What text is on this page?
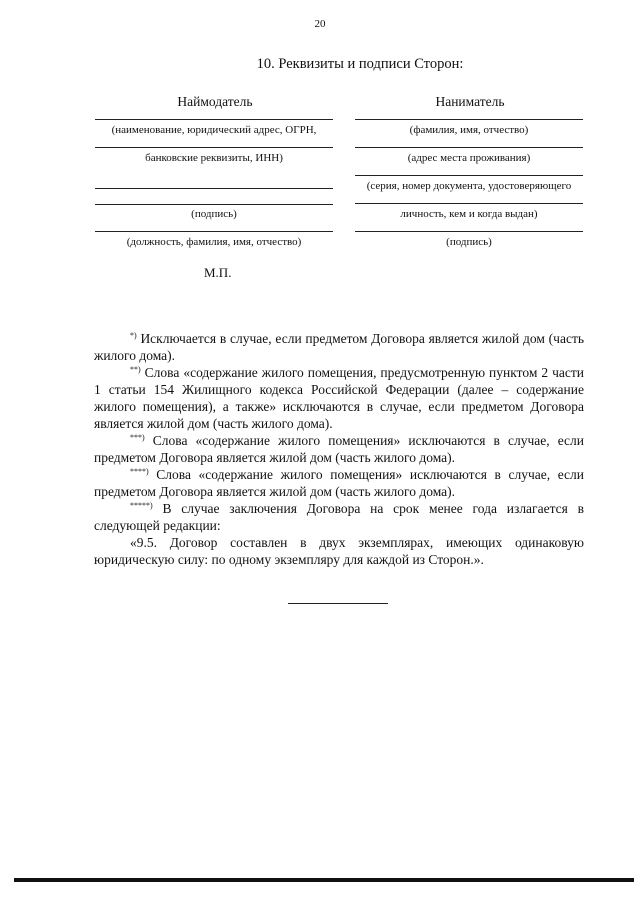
20
10. Реквизиты и подписи Сторон:
Наймодатель
(наименование, юридический адрес, ОГРН,
банковские реквизиты, ИНН)
(подпись)
(должность, фамилия, имя, отчество)
М.П.
Наниматель
(фамилия, имя, отчество)
(адрес места проживания)
(серия, номер документа, удостоверяющего
личность, кем и когда выдан)
(подпись)

*) Исключается в случае, если предметом Договора является жилой дом (часть жилого дома).

**) Слова «содержание жилого помещения, предусмотренную пунктом 2 части 1 статьи 154 Жилищного кодекса Российской Федерации (далее – содержание жилого помещения), а также» исключаются в случае, если предметом Договора является жилой дом (часть жилого дома).

***) Слова «содержание жилого помещения» исключаются в случае, если предметом Договора является жилой дом (часть жилого дома).

****) Слова «содержание жилого помещения» исключаются в случае, если предметом Договора является жилой дом (часть жилого дома).

*****) В случае заключения Договора на срок менее года излагается в следующей редакции:

«9.5. Договор составлен в двух экземплярах, имеющих одинаковую юридическую силу: по одному экземпляру для каждой из Сторон.».
